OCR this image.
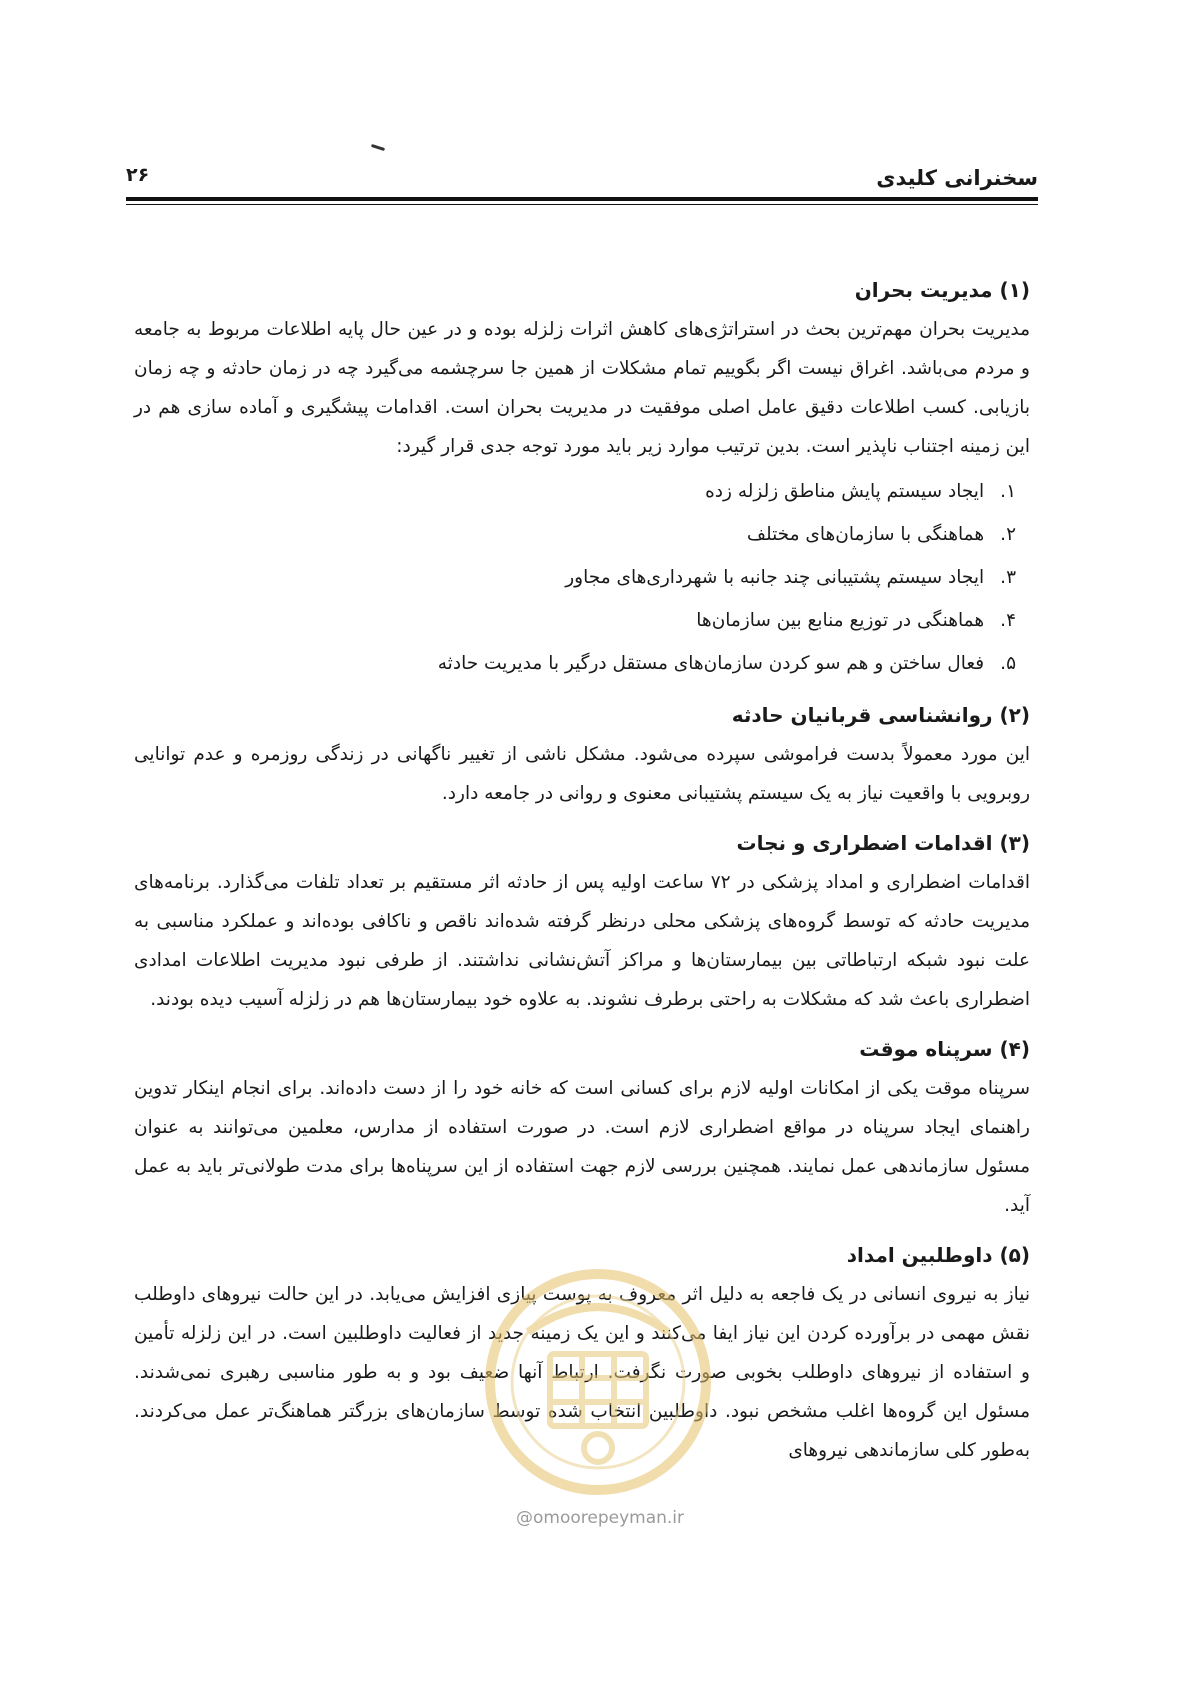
سخنرانی کلیدی
۲۶
(۱) مدیریت بحران

مدیریت بحران مهم‌ترین بحث در استراتژی‌های کاهش اثرات زلزله بوده و در عین حال پایه اطلاعات مربوط به جامعه و مردم می‌باشد. اغراق نیست اگر بگوییم تمام مشکلات از همین جا سرچشمه می‌گیرد چه در زمان حادثه و چه زمان بازیابی. کسب اطلاعات دقیق عامل اصلی موفقیت در مدیریت بحران است. اقدامات پیشگیری و آماده سازی هم در این زمینه اجتناب ناپذیر است. بدین ترتیب موارد زیر باید مورد توجه جدی قرار گیرد:

۱. ایجاد سیستم پایش مناطق زلزله زده
۲. هماهنگی با سازمان‌های مختلف
۳. ایجاد سیستم پشتیبانی چند جانبه با شهرداری‌های مجاور
۴. هماهنگی در توزیع منابع بین سازمان‌ها
۵. فعال ساختن و هم سو کردن سازمان‌های مستقل درگیر با مدیریت حادثه
(۲) روانشناسی قربانیان حادثه

این مورد معمولاً بدست فراموشی سپرده می‌شود. مشکل ناشی از تغییر ناگهانی در زندگی روزمره و عدم توانایی روبرویی با واقعیت نیاز به یک سیستم پشتیبانی معنوی و روانی در جامعه دارد.

(۳) اقدامات اضطراری و نجات

اقدامات اضطراری و امداد پزشکی در ۷۲ ساعت اولیه پس از حادثه اثر مستقیم بر تعداد تلفات می‌گذارد. برنامه‌های مدیریت حادثه که توسط گروه‌های پزشکی محلی درنظر گرفته شده‌اند ناقص و ناکافی بوده‌اند و عملکرد مناسبی به علت نبود شبکه ارتباطاتی بین بیمارستان‌ها و مراکز آتش‌نشانی نداشتند. از طرفی نبود مدیریت اطلاعات امدادی اضطراری باعث شد که مشکلات به راحتی برطرف نشوند. به علاوه خود بیمارستان‌ها هم در زلزله آسیب دیده بودند.

(۴) سرپناه موقت

سرپناه موقت یکی از امکانات اولیه لازم برای کسانی است که خانه خود را از دست داده‌اند. برای انجام اینکار تدوین راهنمای ایجاد سرپناه در مواقع اضطراری لازم است. در صورت استفاده از مدارس، معلمین می‌توانند به عنوان مسئول سازماندهی عمل نمایند. همچنین بررسی لازم جهت استفاده از این سرپناه‌ها برای مدت طولانی‌تر باید به عمل آید.

(۵) داوطلبین امداد

نیاز به نیروی انسانی در یک فاجعه به دلیل اثر معروف به پوست پیازی افزایش می‌یابد. در این حالت نیروهای داوطلب نقش مهمی در برآورده کردن این نیاز ایفا می‌کنند و این یک زمینه جدید از فعالیت داوطلبین است. در این زلزله تأمین و استفاده از نیروهای داوطلب بخوبی صورت نگرفت. ارتباط آنها ضعیف بود و به طور مناسبی رهبری نمی‌شدند. مسئول این گروه‌ها اغلب مشخص نبود. داوطلبین انتخاب شده توسط سازمان‌های بزرگتر هماهنگ‌تر عمل می‌کردند. به‌طور کلی سازماندهی نیروهای

@omoorepeyman.ir
